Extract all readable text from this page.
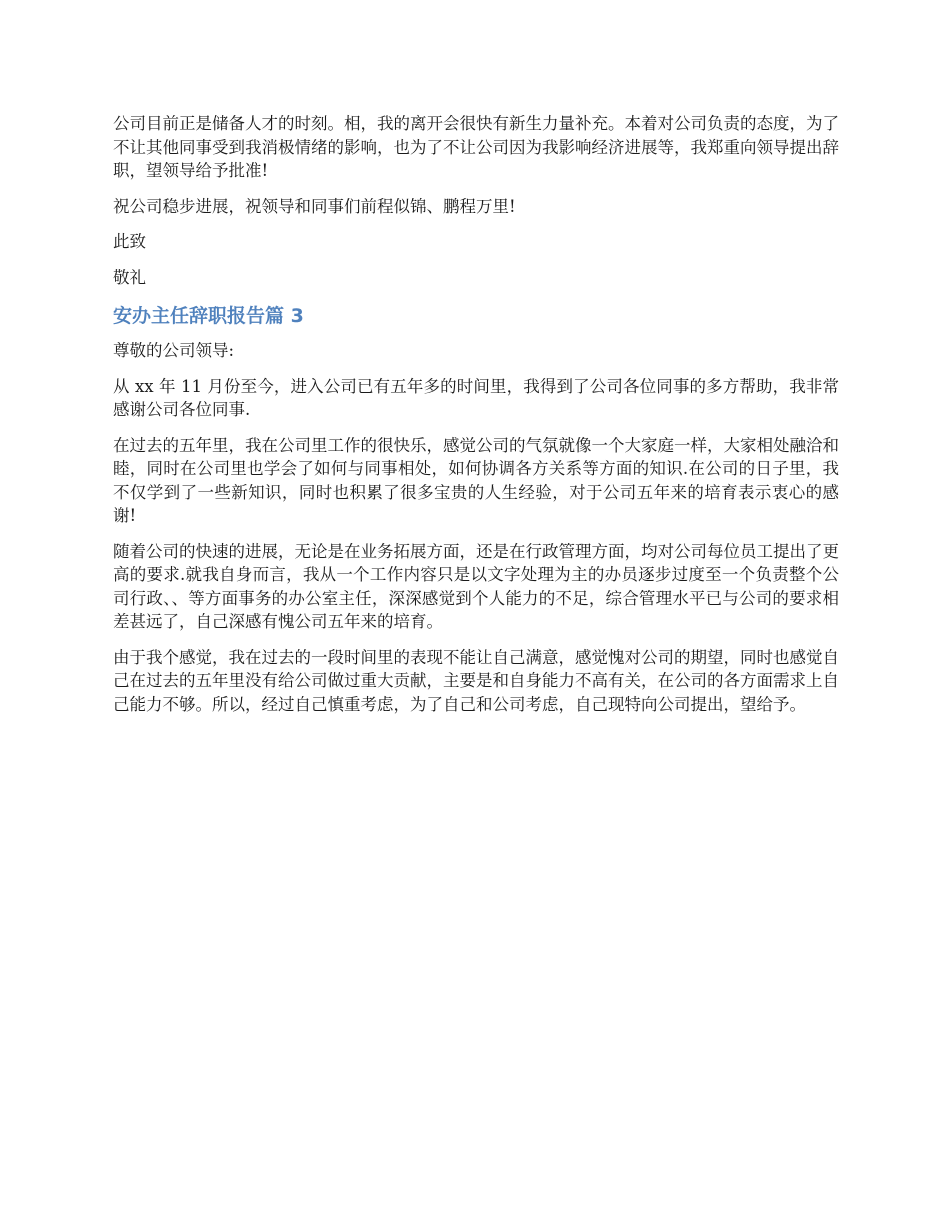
公司目前正是储备人才的时刻。相，我的离开会很快有新生力量补充。本着对公司负责的态度，为了不让其他同事受到我消极情绪的影响，也为了不让公司因为我影响经济进展等，我郑重向领导提出辞职，望领导给予批准!

祝公司稳步进展，祝领导和同事们前程似锦、鹏程万里!

此致

敬礼

安办主任辞职报告篇 3

尊敬的公司领导:

从 xx 年 11 月份至今，进入公司已有五年多的时间里，我得到了公司各位同事的多方帮助，我非常感谢公司各位同事.

在过去的五年里，我在公司里工作的很快乐，感觉公司的气氛就像一个大家庭一样，大家相处融洽和睦，同时在公司里也学会了如何与同事相处，如何协调各方关系等方面的知识.在公司的日子里，我不仅学到了一些新知识，同时也积累了很多宝贵的人生经验，对于公司五年来的培育表示衷心的感谢!

随着公司的快速的进展，无论是在业务拓展方面，还是在行政管理方面，均对公司每位员工提出了更高的要求.就我自身而言，我从一个工作内容只是以文字处理为主的办员逐步过度至一个负责整个公司行政、、等方面事务的办公室主任，深深感觉到个人能力的不足，综合管理水平已与公司的要求相差甚远了，自己深感有愧公司五年来的培育。

由于我个感觉，我在过去的一段时间里的表现不能让自己满意，感觉愧对公司的期望，同时也感觉自己在过去的五年里没有给公司做过重大贡献，主要是和自身能力不高有关，在公司的各方面需求上自己能力不够。所以，经过自己慎重考虑，为了自己和公司考虑，自己现特向公司提出，望给予。
